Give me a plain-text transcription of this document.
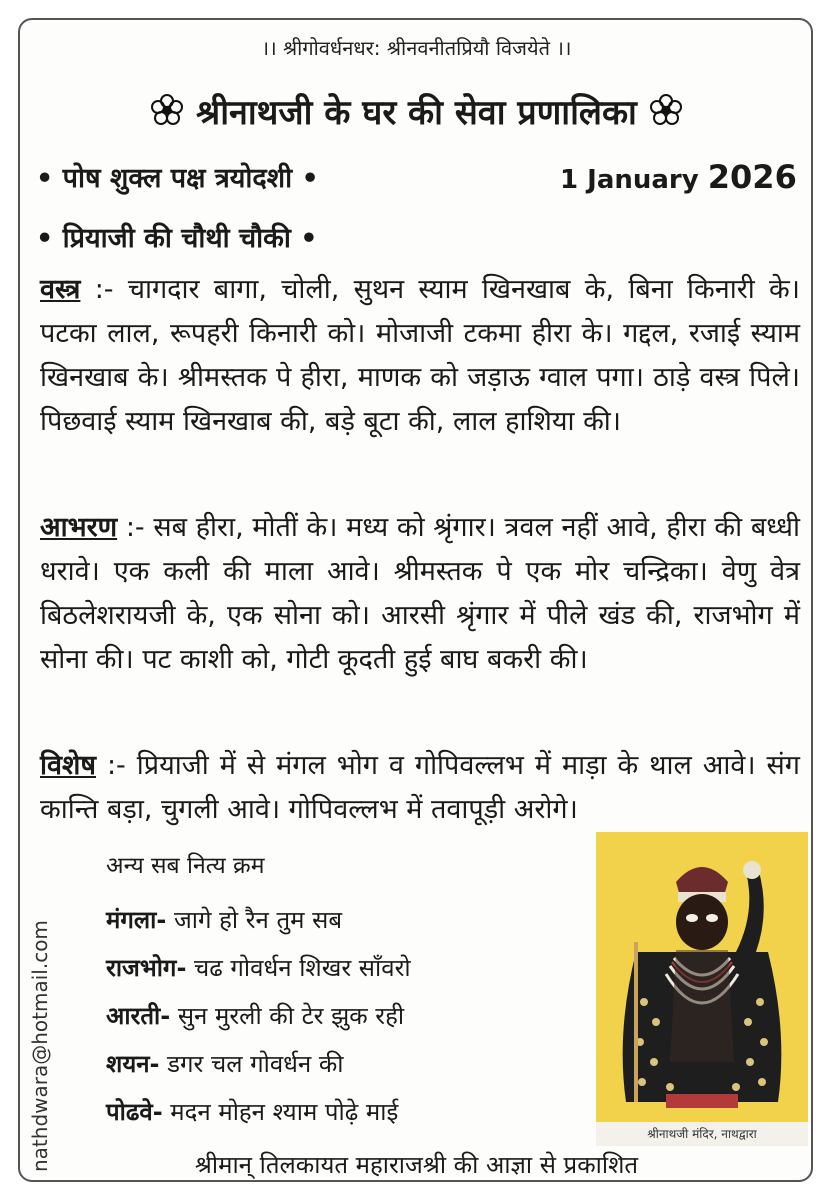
।। श्रीगोवर्धनधर: श्रीनवनीतप्रियौ विजयेते ।।
श्रीनाथजी के घर की सेवा प्रणालिका
• पोष शुक्ल पक्ष त्रयोदशी •	1 January 2026
• प्रियाजी की चौथी चौकी •
वस्त्र :- चागदार बागा, चोली, सुथन स्याम खिनखाब के, बिना किनारी के। पटका लाल, रूपहरी किनारी को। मोजाजी टकमा हीरा के। गद्दल, रजाई स्याम खिनखाब के। श्रीमस्तक पे हीरा, माणक को जड़ाऊ ग्वाल पगा। ठाड़े वस्त्र पिले। पिछवाई स्याम खिनखाब की, बड़े बूटा की, लाल हाशिया की।
आभरण :- सब हीरा, मोतीं के। मध्य को श्रृंगार। त्रवल नहीं आवे, हीरा की बध्धी धरावे। एक कली की माला आवे। श्रीमस्तक पे एक मोर चन्द्रिका। वेणु वेत्र बिठलेशरायजी के, एक सोना को। आरसी श्रृंगार में पीले खंड की, राजभोग में सोना की। पट काशी को, गोटी कूदती हुई बाघ बकरी की।
विशेष :- प्रियाजी में से मंगल भोग व गोपिवल्लभ में माड़ा के थाल आवे। संग कान्ति बड़ा, चुगली आवे। गोपिवल्लभ में तवापूड़ी अरोगे।
nathdwara@hotmail.com
अन्य सब नित्य क्रम
मंगला- जागे हो रैन तुम सब
राजभोग- चढ गोवर्धन शिखर साँवरो
आरती- सुन मुरली की टेर झुक रही
शयन- डगर चल गोवर्धन की
पोढवे- मदन मोहन श्याम पोढ़े माई
श्रीनाथजी मंदिर, नाथद्वारा
श्रीमान् तिलकायत महाराजश्री की आज्ञा से प्रकाशित
